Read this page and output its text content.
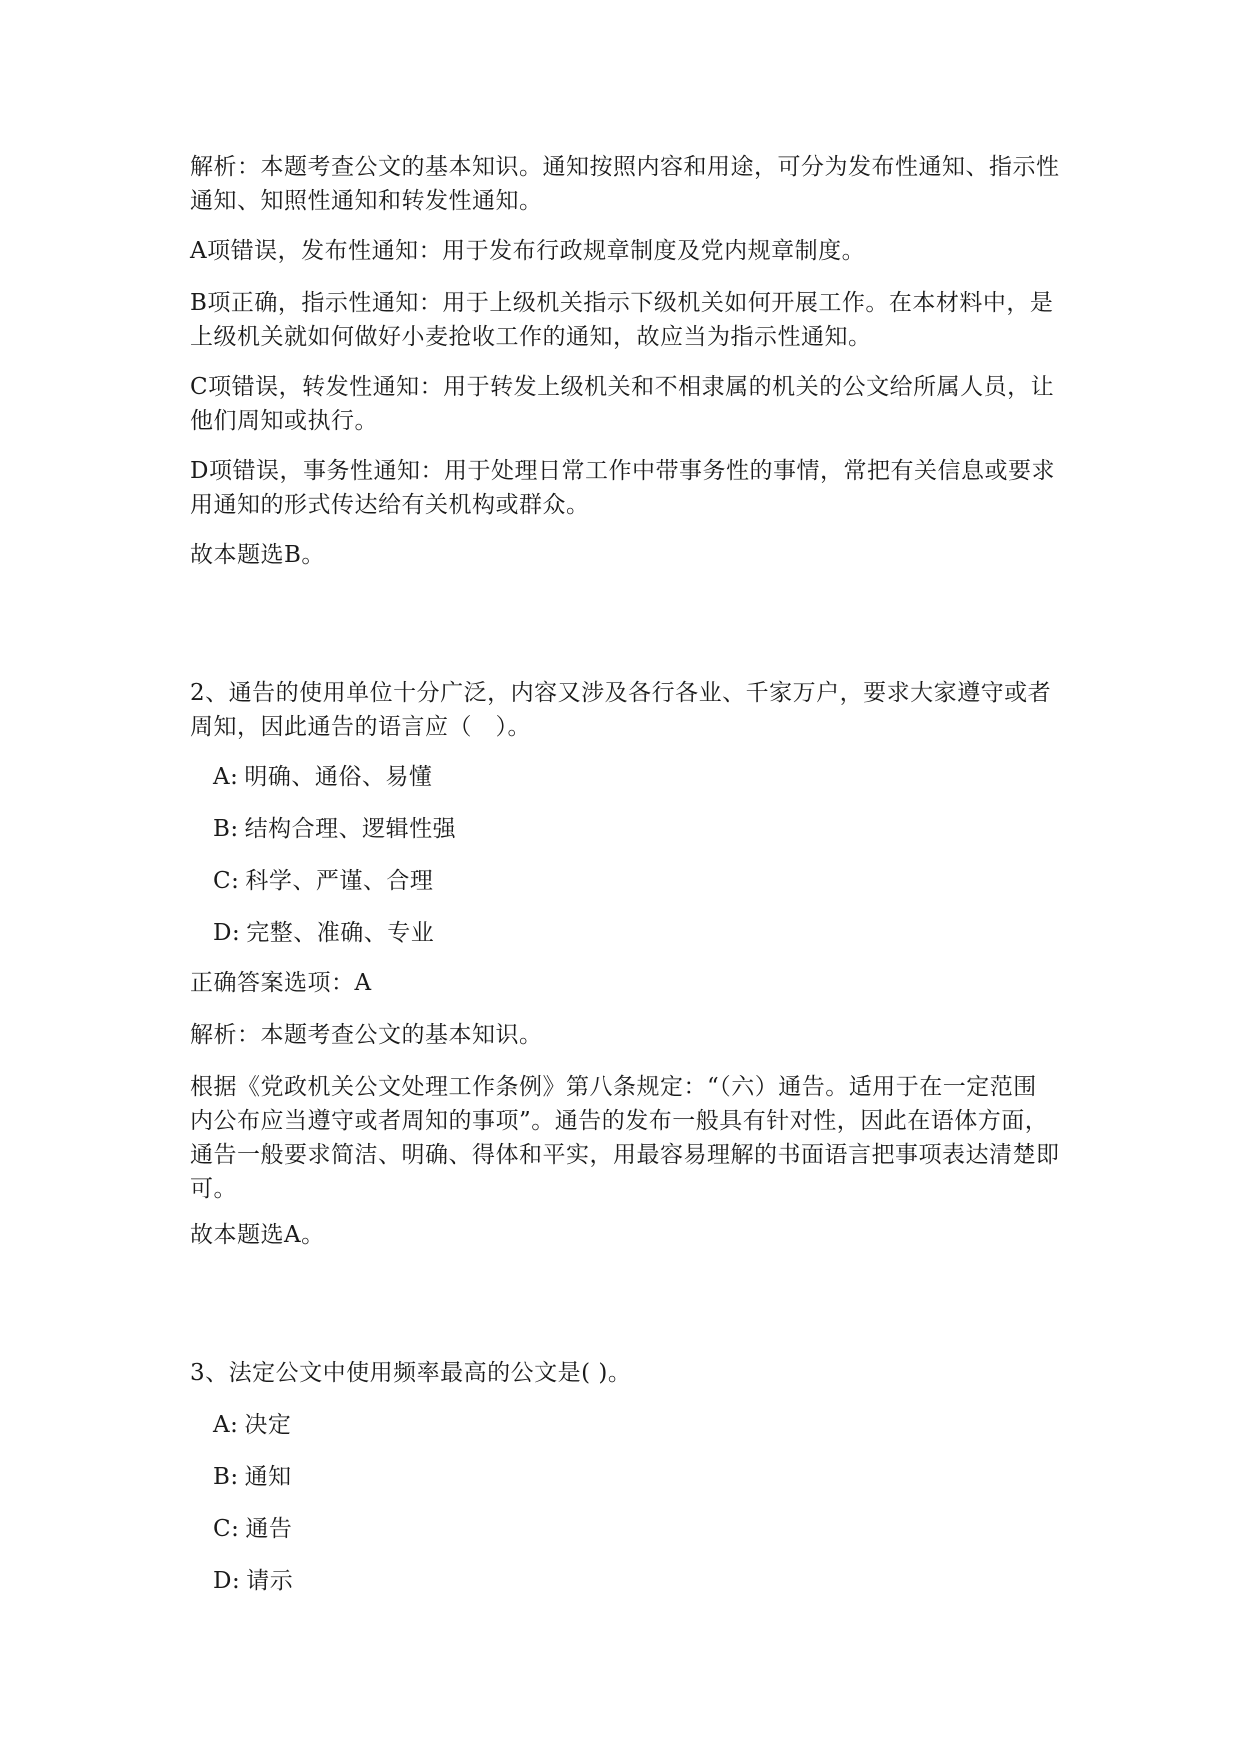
解析：本题考查公文的基本知识。通知按照内容和用途，可分为发布性通知、指示性通知、知照性通知和转发性通知。

A项错误，发布性通知：用于发布行政规章制度及党内规章制度。

B项正确，指示性通知：用于上级机关指示下级机关如何开展工作。在本材料中，是上级机关就如何做好小麦抢收工作的通知，故应当为指示性通知。

C项错误，转发性通知：用于转发上级机关和不相隶属的机关的公文给所属人员，让他们周知或执行。

D项错误，事务性通知：用于处理日常工作中带事务性的事情，常把有关信息或要求用通知的形式传达给有关机构或群众。

故本题选B。

2、通告的使用单位十分广泛，内容又涉及各行各业、千家万户，要求大家遵守或者周知，因此通告的语言应（　）。

A: 明确、通俗、易懂

B: 结构合理、逻辑性强

C: 科学、严谨、合理

D: 完整、准确、专业

正确答案选项：A

解析：本题考查公文的基本知识。

根据《党政机关公文处理工作条例》第八条规定：“（六）通告。适用于在一定范围内公布应当遵守或者周知的事项”。通告的发布一般具有针对性，因此在语体方面，通告一般要求简洁、明确、得体和平实，用最容易理解的书面语言把事项表达清楚即可。

故本题选A。

3、法定公文中使用频率最高的公文是( )。

A: 决定

B: 通知

C: 通告

D: 请示
